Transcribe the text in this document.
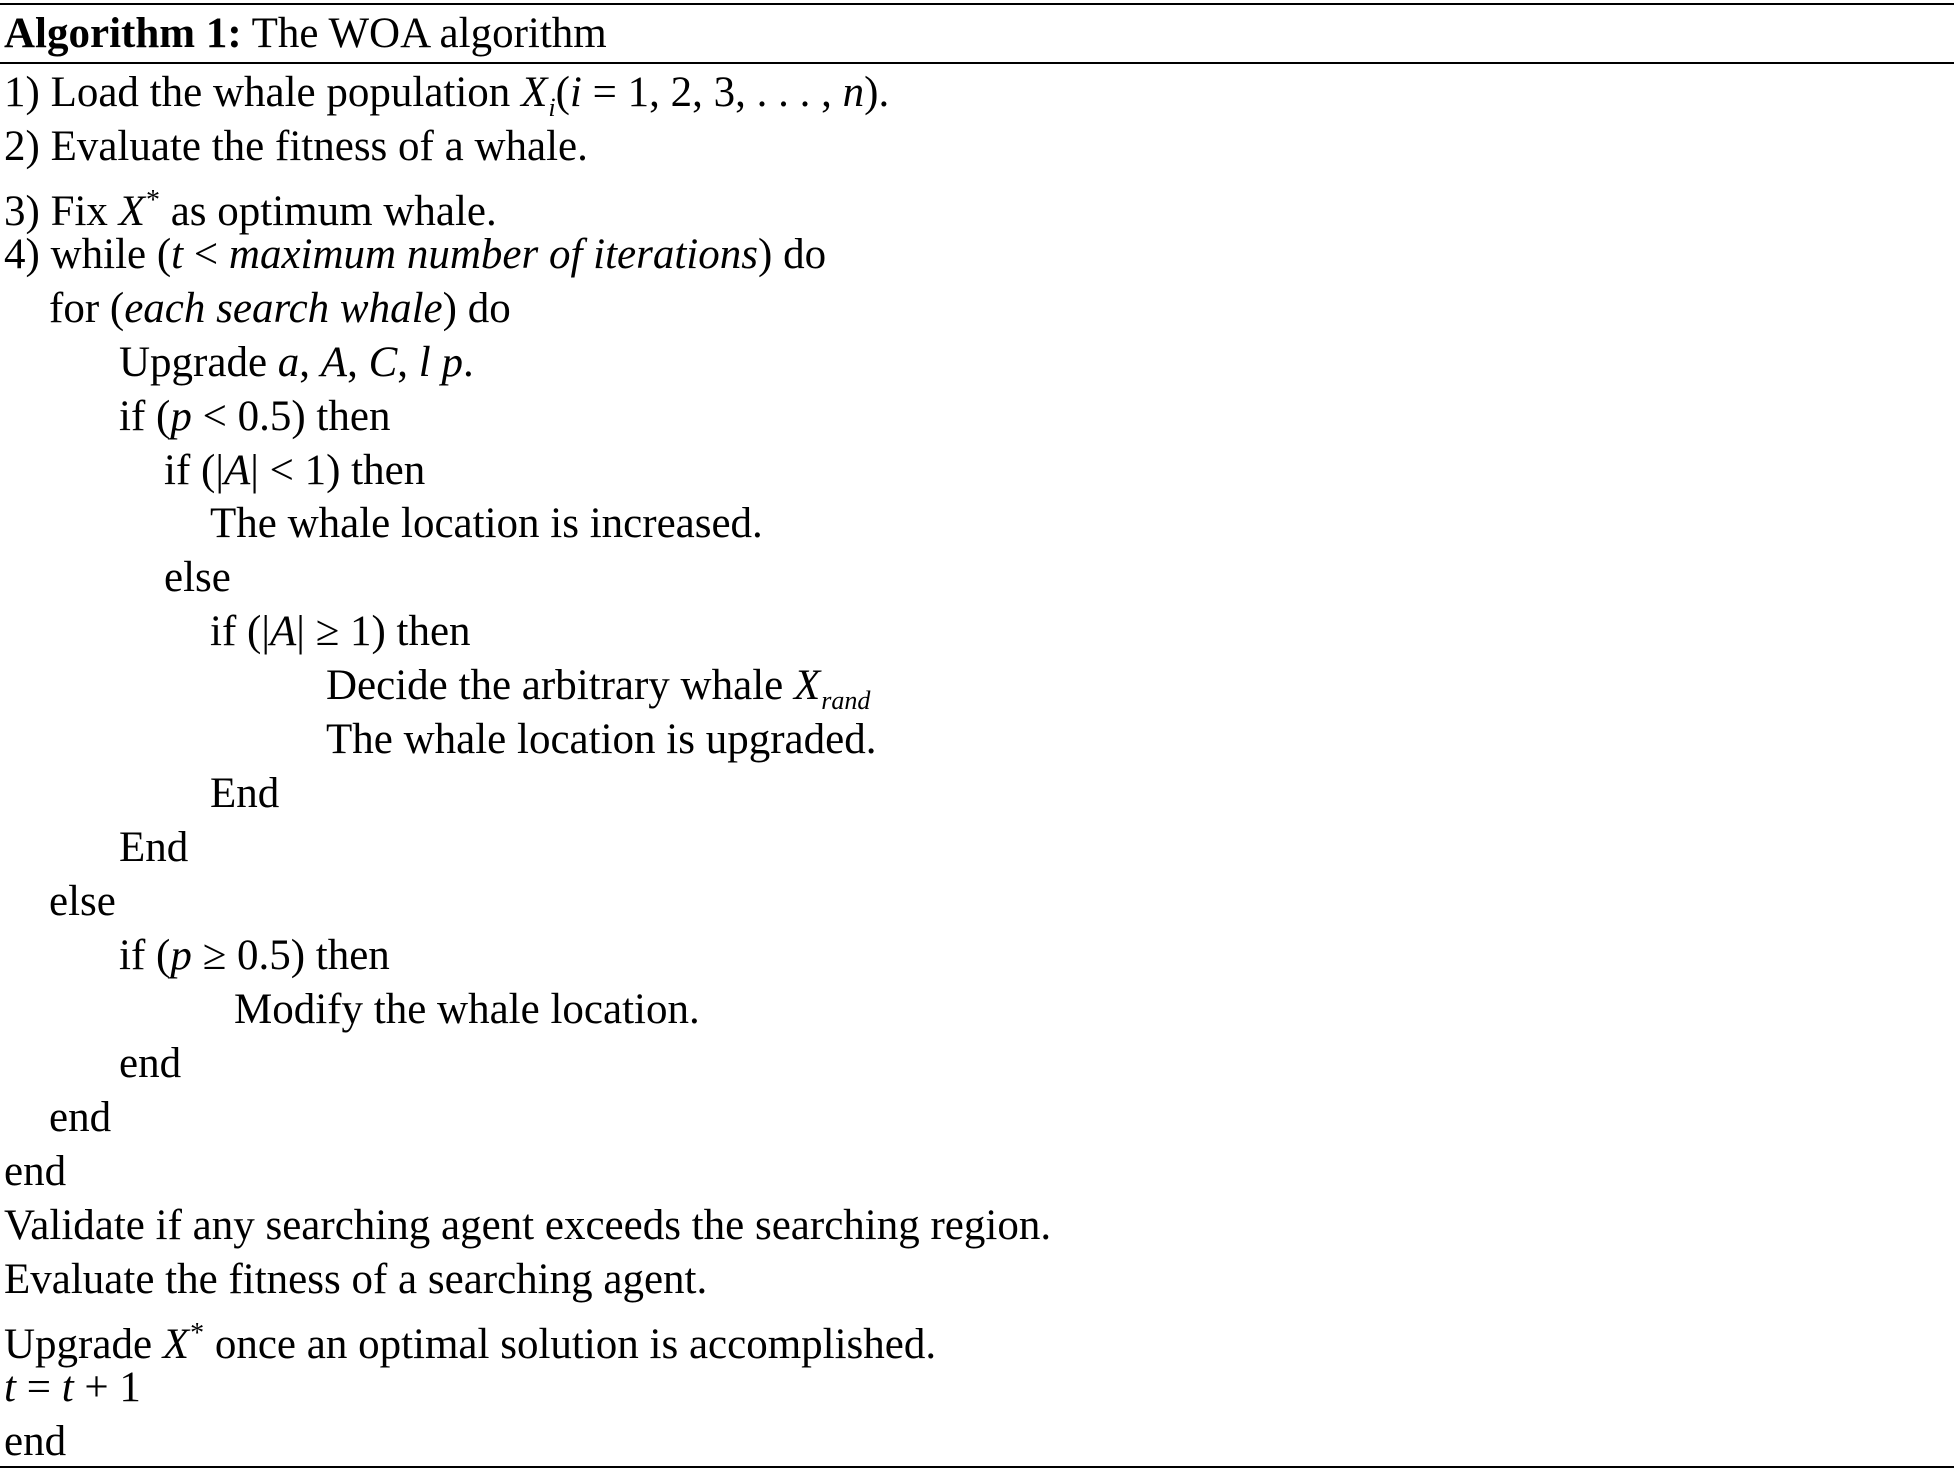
Algorithm 1: The WOA algorithm
1) Load the whale population $X_i(i = 1$, 2, 3, . . . , n).
2) Evaluate the fitness of a whale.
3) Fix X* as optimum whale.
4) while (t < maximum number of iterations) do
for (each search whale) do
Upgrade a, A, C, l p.
if (p < 0.5) then
if (|A| < 1) then
The whale location is increased.
else
if (|A| ≥ 1) then
Decide the arbitrary whale $X_{rand}$
The whale location is upgraded.
End
End
else
if (p ≥ 0.5) then
Modify the whale location.
end
end
end
Validate if any searching agent exceeds the searching region.
Evaluate the fitness of a searching agent.
Upgrade X* once an optimal solution is accomplished.
t = t + 1
end
